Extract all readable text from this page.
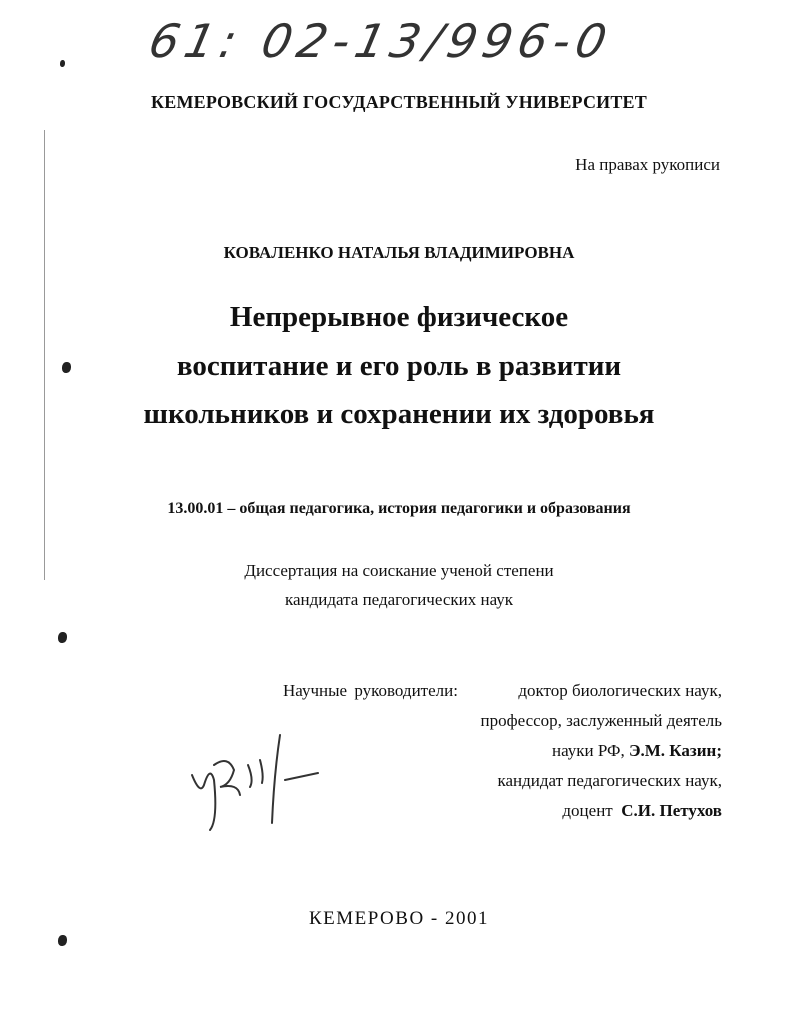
61: 02-13/996-0
КЕМЕРОВСКИЙ ГОСУДАРСТВЕННЫЙ УНИВЕРСИТЕТ
На правах рукописи
КОВАЛЕНКО НАТАЛЬЯ ВЛАДИМИРОВНА
Непрерывное физическое
воспитание и его роль в развитии
школьников и сохранении их здоровья
13.00.01 – общая педагогика, история педагогики и образования
Диссертация на соискание ученой степени
кандидата педагогических наук
Научные руководители:	доктор биологических наук,
профессор, заслуженный деятель
науки РФ, Э.М. Казин;
кандидат педагогических наук,
доцент  С.И. Петухов
КЕМЕРОВО - 2001
